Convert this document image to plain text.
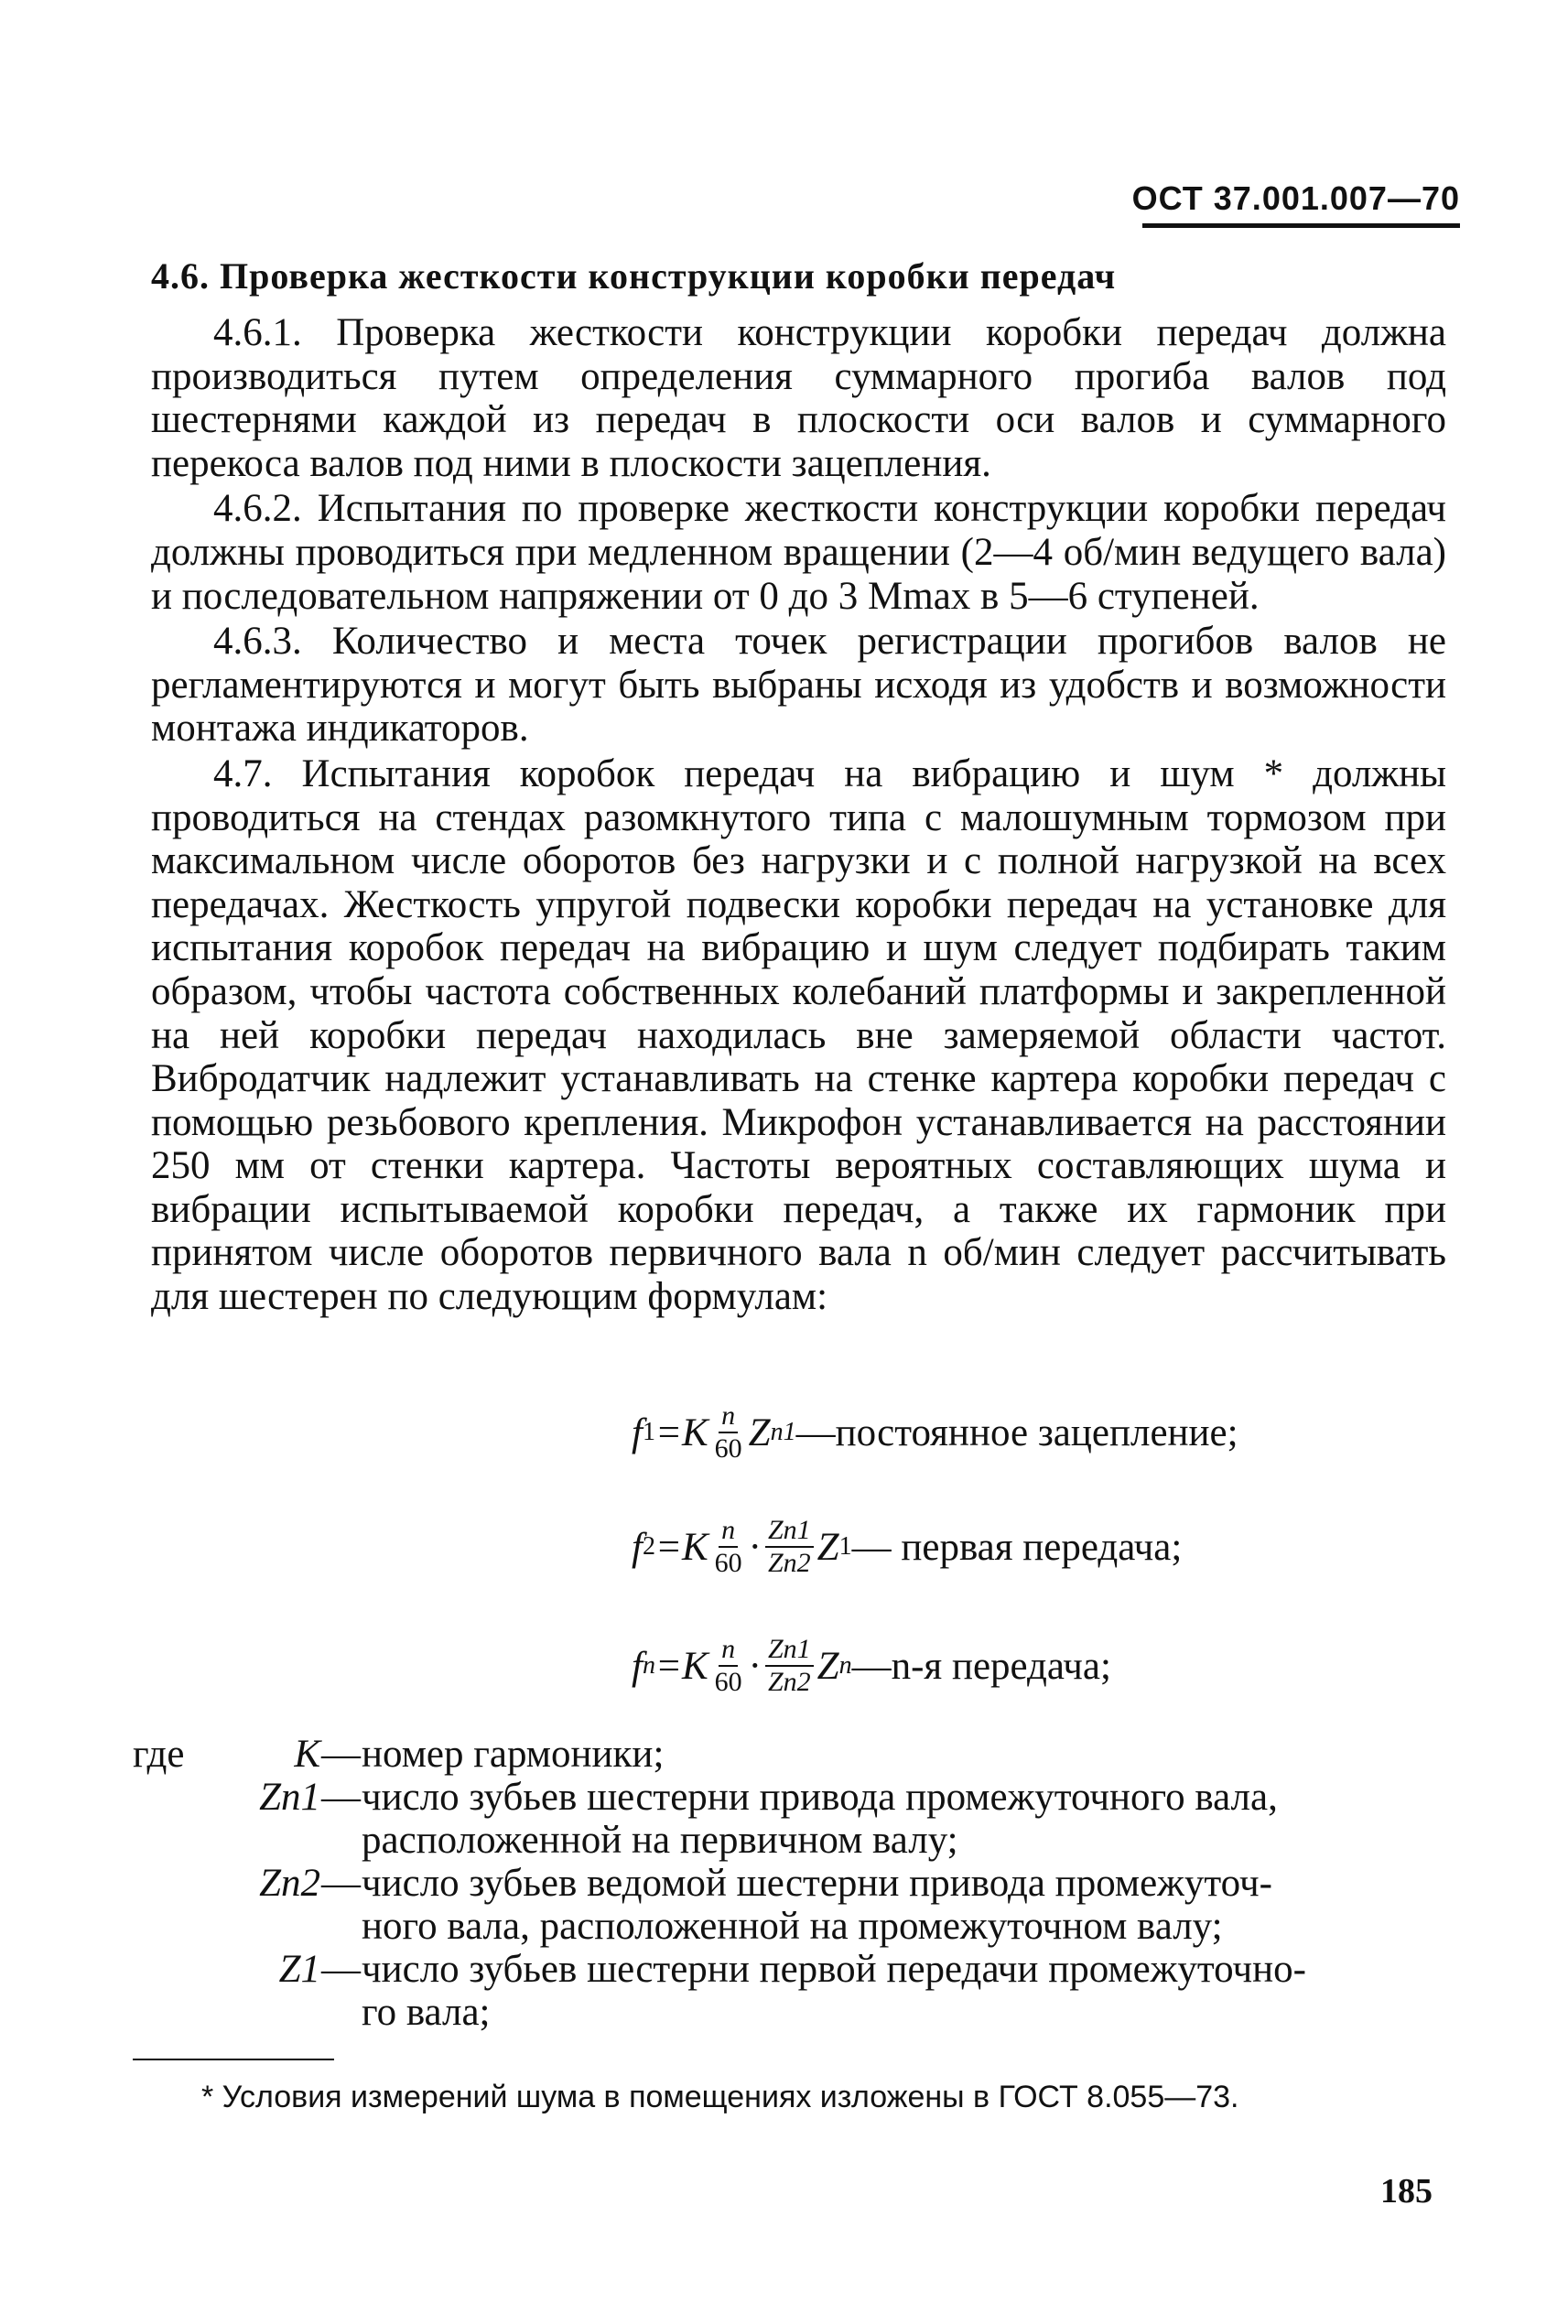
ОСТ 37.001.007—70
4.6. Проверка жесткости конструкции коробки передач

4.6.1. Проверка жесткости конструкции коробки передач должна производиться путем определения суммарного прогиба валов под шестернями каждой из передач в плоскости оси валов и суммарного перекоса валов под ними в плоскости зацепления.

4.6.2. Испытания по проверке жесткости конструкции коробки передач должны проводиться при медленном вращении (2—4 об/мин ведущего вала) и последовательном напряжении от 0 до 3 Mmax в 5—6 ступеней.

4.6.3. Количество и места точек регистрации прогибов валов не регламентируются и могут быть выбраны исходя из удобств и возможности монтажа индикаторов.

4.7. Испытания коробок передач на вибрацию и шум * должны проводиться на стендах разомкнутого типа с малошумным тормозом при максимальном числе оборотов без нагрузки и с полной нагрузкой на всех передачах. Жесткость упругой подвески коробки передач на установке для испытания коробок передач на вибрацию и шум следует подбирать таким образом, чтобы частота собственных колебаний платформы и закрепленной на ней коробки передач находилась вне замеряемой области частот. Вибродатчик надлежит устанавливать на стенке картера коробки передач с помощью резьбового крепления. Микрофон устанавливается на расстоянии 250 мм от стенки картера. Частоты вероятных составляющих шума и вибрации испытываемой коробки передач, а также их гармоник при принятом числе оборотов первичного вала n об/мин следует рассчитывать для шестерен по следующим формулам:

f $1 =K \frac{n}{60}$ Z n1 —постоянное зацепление;
f $2 =K \frac{n}{60} \cdot \frac{Zn1}{Zn2}$ Z 1 — первая передача;
f $n =K \frac{n}{60} \cdot \frac{Zn1}{Zn2}$ Z n —n-я передача;
где	K — номер гармоники;
Zn1 — число зубьев шестерни привода промежуточного вала,
расположенной на первичном валу;
Zn2 — число зубьев ведомой шестерни привода промежуточ-
ного вала, расположенной на промежуточном валу;
Z1 — число зубьев шестерни первой передачи промежуточно-
го вала;
* Условия измерений шума в помещениях изложены в ГОСТ 8.055—73.
185
